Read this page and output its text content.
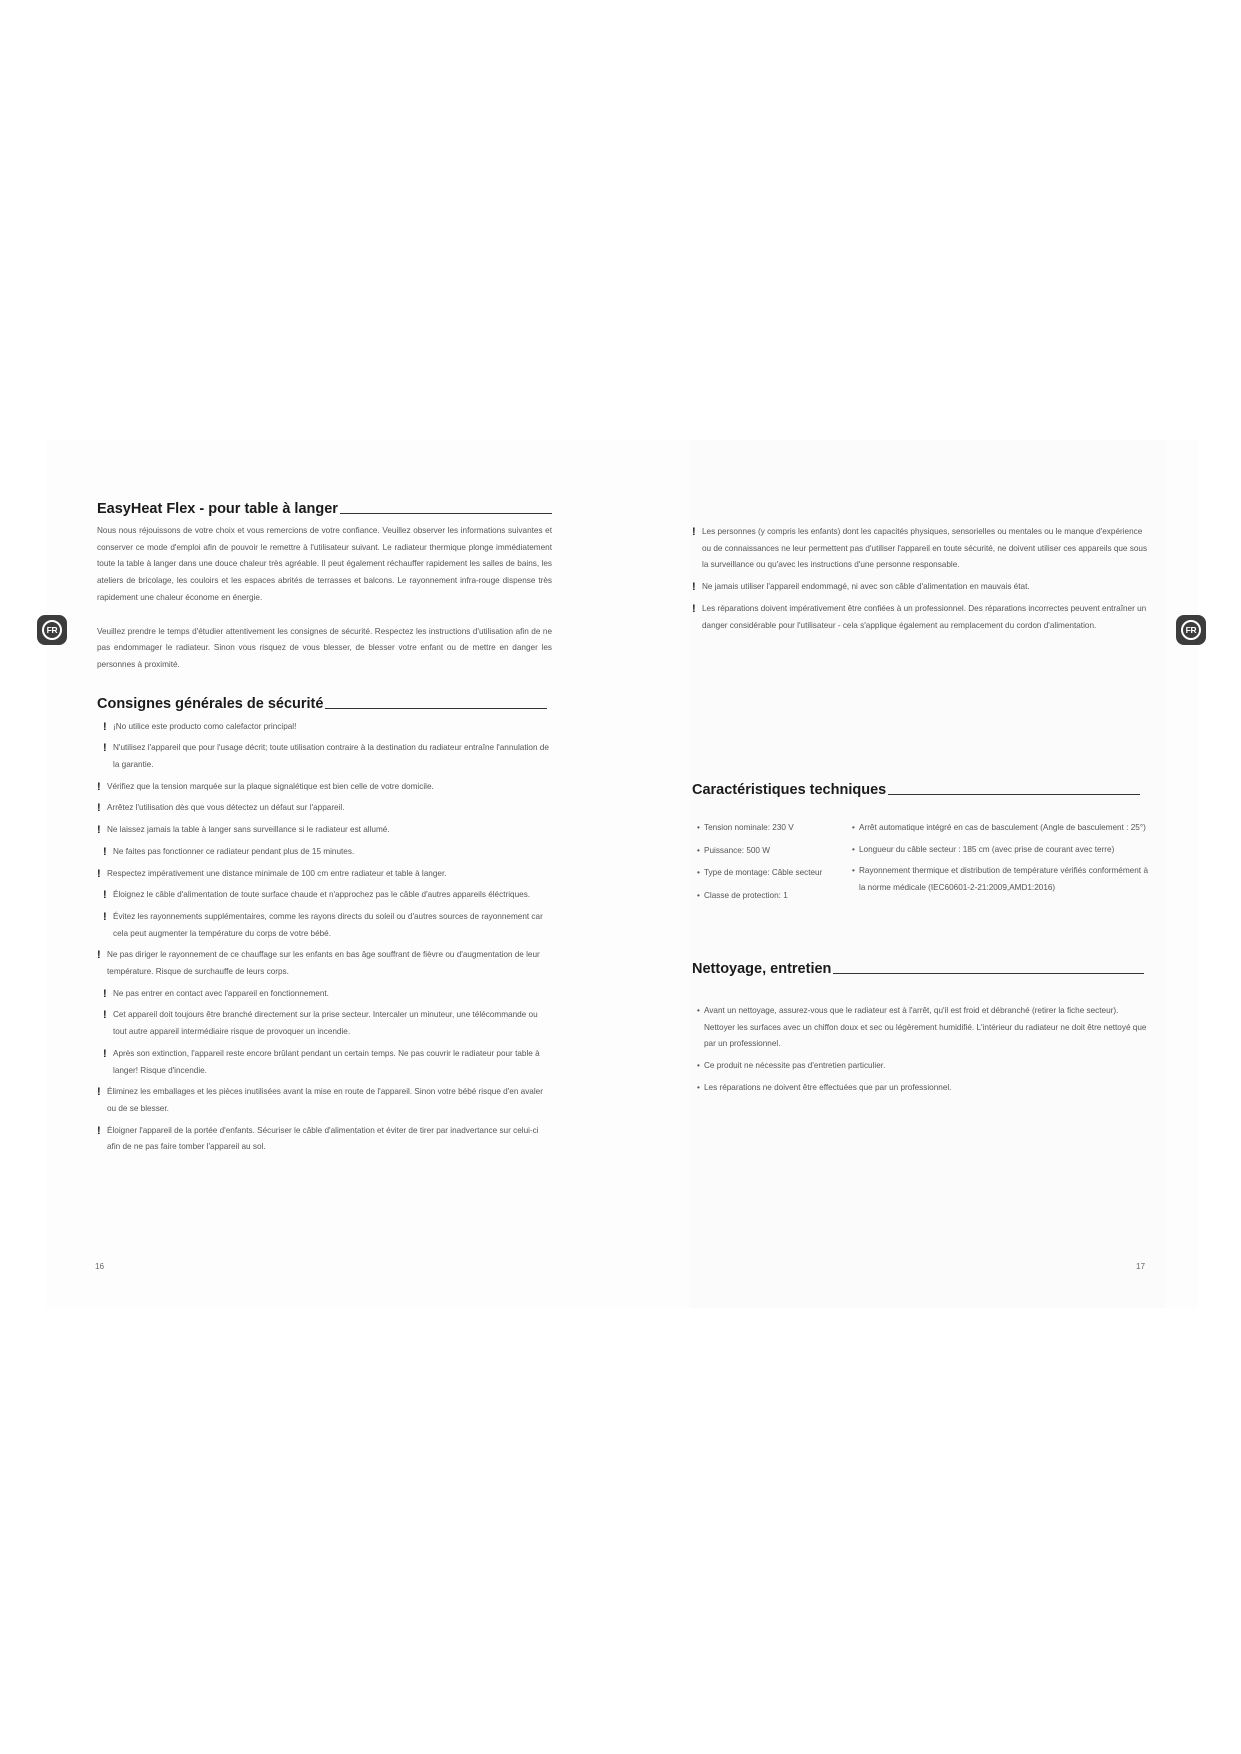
FR	FR
EasyHeat Flex - pour table à langer

Nous nous réjouissons de votre choix et vous remercions de votre confiance. Veuillez observer les informations suivantes et conserver ce mode d'emploi afin de pouvoir le remettre à l'utilisateur suivant. Le radiateur thermique plonge immédiatement toute la table à langer dans une douce chaleur très agréable. Il peut également réchauffer rapidement les salles de bains, les ateliers de bricolage, les couloirs et les espaces abrités de terrasses et balcons. Le rayonnement infra-rouge dispense très rapidement une chaleur économe en énergie.

Veuillez prendre le temps d'étudier attentivement les consignes de sécurité. Respectez les instructions d'utilisation afin de ne pas endommager le radiateur. Sinon vous risquez de vous blesser, de blesser votre enfant ou de mettre en danger les personnes à proximité.

Consignes générales de sécurité
! ¡No utilice este producto como calefactor principal!
! N'utilisez l'appareil que pour l'usage décrit; toute utilisation contraire à la destination du radiateur entraîne l'annulation de la garantie.
! Vérifiez que la tension marquée sur la plaque signalétique est bien celle de votre domicile.
! Arrêtez l'utilisation dès que vous détectez un défaut sur l'appareil.
! Ne laissez jamais la table à langer sans surveillance si le radiateur est allumé.
! Ne faites pas fonctionner ce radiateur pendant plus de 15 minutes.
! Respectez impérativement une distance minimale de 100 cm entre radiateur et table à langer.
! Éloignez le câble d'alimentation de toute surface chaude et n'approchez pas le câble d'autres appareils éléctriques.
! Évitez les rayonnements supplémentaires, comme les rayons directs du soleil ou d'autres sources de rayonnement car cela peut augmenter la température du corps de votre bébé.
! Ne pas diriger le rayonnement de ce chauffage sur les enfants en bas âge souffrant de fièvre ou d'augmentation de leur température. Risque de surchauffe de leurs corps.
! Ne pas entrer en contact avec l'appareil en fonctionnement.
! Cet appareil doit toujours être branché directement sur la prise secteur. Intercaler un minuteur, une télécommande ou tout autre appareil intermédiaire risque de provoquer un incendie.
! Après son extinction, l'appareil reste encore brûlant pendant un certain temps. Ne pas couvrir le radiateur pour table à langer! Risque d'incendie.
! Éliminez les emballages et les pièces inutilisées avant la mise en route de l'appareil. Sinon votre bébé risque d'en avaler ou de se blesser.
! Éloigner l'appareil de la portée d'enfants. Sécuriser le câble d'alimentation et éviter de tirer par inadvertance sur celui-ci afin de ne pas faire tomber l'appareil au sol.
! Les personnes (y compris les enfants) dont les capacités physiques, sensorielles ou mentales ou le manque d'expérience ou de connaissances ne leur permettent pas d'utiliser l'appareil en toute sécurité, ne doivent utiliser ces appareils que sous la surveillance ou qu'avec les instructions d'une personne responsable.
! Ne jamais utiliser l'appareil endommagé, ni avec son câble d'alimentation en mauvais état.
! Les réparations doivent impérativement être confiées à un professionnel. Des réparations incorrectes peuvent entraîner un danger considérable pour l'utilisateur - cela s'applique également au remplacement du cordon d'alimentation.
Caractéristiques techniques
• Tension nominale: 230 V
• Puissance: 500 W
• Type de montage: Câble secteur
• Classe de protection: 1
• Arrêt automatique intégré en cas de basculement (Angle de basculement : 25°)
• Longueur du câble secteur : 185 cm (avec prise de courant avec terre)
• Rayonnement thermique et distribution de température vérifiés conformément à la norme médicale (IEC60601-2-21:2009,AMD1:2016)
Nettoyage, entretien
• Avant un nettoyage, assurez-vous que le radiateur est à l'arrêt, qu'il est froid et débranché (retirer la fiche secteur). Nettoyer les surfaces avec un chiffon doux et sec ou légèrement humidifié. L'intérieur du radiateur ne doit être nettoyé que par un professionnel.
• Ce produit ne nécessite pas d'entretien particulier.
• Les réparations ne doivent être effectuées que par un professionnel.
16	17
